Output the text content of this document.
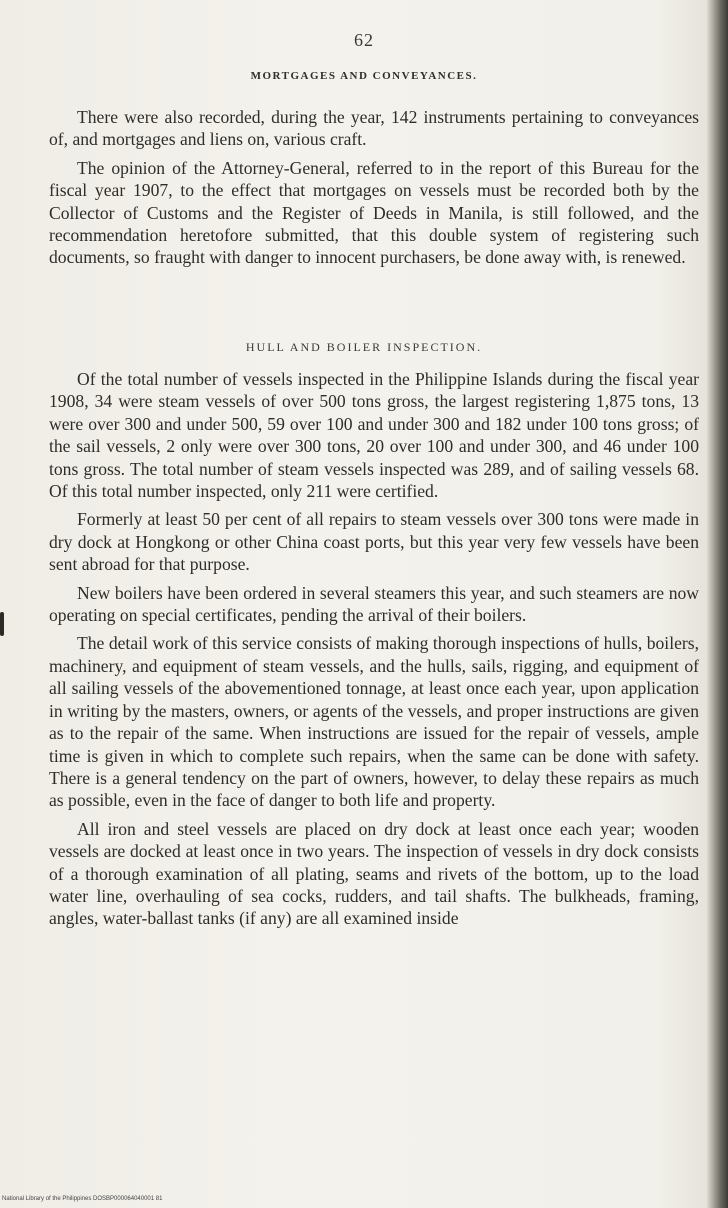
62
MORTGAGES AND CONVEYANCES.

There were also recorded, during the year, 142 instruments pertaining to conveyances of, and mortgages and liens on, various craft.

The opinion of the Attorney-General, referred to in the report of this Bureau for the fiscal year 1907, to the effect that mortgages on vessels must be recorded both by the Collector of Customs and the Register of Deeds in Manila, is still followed, and the recommendation heretofore submitted, that this double system of registering such documents, so fraught with danger to innocent purchasers, be done away with, is renewed.

HULL AND BOILER INSPECTION.

Of the total number of vessels inspected in the Philippine Islands during the fiscal year 1908, 34 were steam vessels of over 500 tons gross, the largest registering 1,875 tons, 13 were over 300 and under 500, 59 over 100 and under 300 and 182 under 100 tons gross; of the sail vessels, 2 only were over 300 tons, 20 over 100 and under 300, and 46 under 100 tons gross. The total number of steam vessels inspected was 289, and of sailing vessels 68. Of this total number inspected, only 211 were certified.

Formerly at least 50 per cent of all repairs to steam vessels over 300 tons were made in dry dock at Hongkong or other China coast ports, but this year very few vessels have been sent abroad for that purpose.

New boilers have been ordered in several steamers this year, and such steamers are now operating on special certificates, pending the arrival of their boilers.

The detail work of this service consists of making thorough inspections of hulls, boilers, machinery, and equipment of steam vessels, and the hulls, sails, rigging, and equipment of all sailing vessels of the abovementioned tonnage, at least once each year, upon application in writing by the masters, owners, or agents of the vessels, and proper instructions are given as to the repair of the same. When instructions are issued for the repair of vessels, ample time is given in which to complete such repairs, when the same can be done with safety. There is a general tendency on the part of owners, however, to delay these repairs as much as possible, even in the face of danger to both life and property.

All iron and steel vessels are placed on dry dock at least once each year; wooden vessels are docked at least once in two years. The inspection of vessels in dry dock consists of a thorough examination of all plating, seams and rivets of the bottom, up to the load water line, overhauling of sea cocks, rudders, and tail shafts. The bulkheads, framing, angles, water-ballast tanks (if any) are all examined inside

National Library of the Philippines DOSBP000064040001 81
